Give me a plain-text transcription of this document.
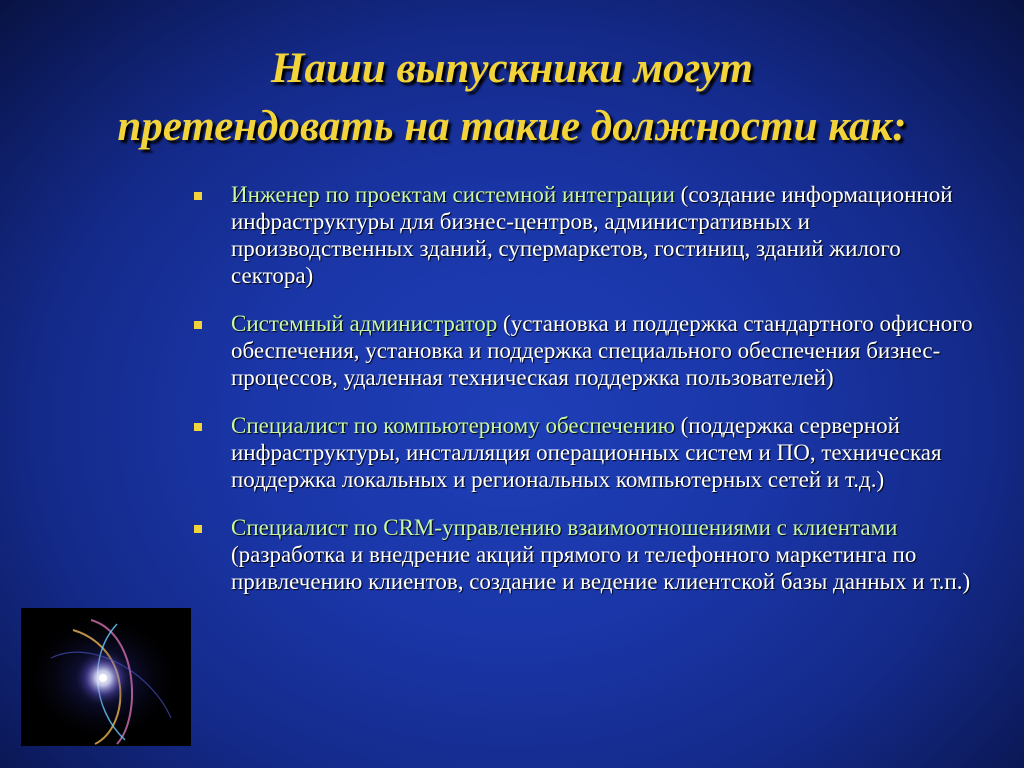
Наши выпускники могут
претендовать на такие должности как:
Инженер по проектам системной интеграции (создание информационной инфраструктуры для бизнес-центров, административных и производственных зданий, супермаркетов, гостиниц, зданий жилого сектора)
Системный администратор (установка и поддержка стандартного офисного обеспечения, установка и поддержка специального обеспечения бизнес-процессов, удаленная техническая поддержка пользователей)
Специалист по компьютерному обеспечению (поддержка серверной инфраструктуры, инсталляция операционных систем и ПО, техническая поддержка локальных и региональных компьютерных сетей и т.д.)
Специалист по CRM-управлению взаимоотношениями с клиентами (разработка и внедрение акций прямого и телефонного маркетинга по привлечению клиентов, создание и ведение клиентской базы данных и т.п.)
